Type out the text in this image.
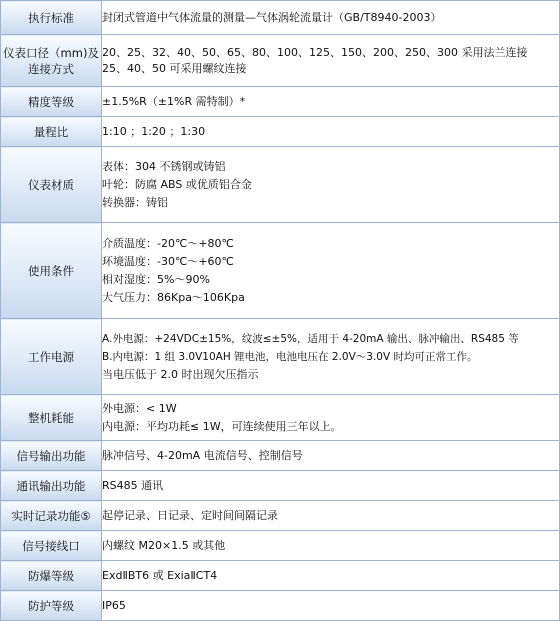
执行标准	封闭式管道中气体流量的测量—气体涡轮流量计（GB/T8940-2003）

仪表口径（mm)及
连接方式	20、25、32、40、50、65、80、100、125、150、200、250、300 采用法兰连接
25、40、50 可采用螺纹连接

精度等级	±1.5%R（±1%R 需特制）*

量程比	1:10 ；1:20 ；1:30

仪表材质	表体：304 不锈钢或铸铝
叶轮：防腐 ABS 或优质铝合金
转换器：铸铝

使用条件	介质温度：-20℃～+80℃
环境温度：-30℃～+60℃
相对湿度：5%～90%
大气压力：86Kpa～106Kpa

工作电源	A.外电源：+24VDC±15%，纹波≤±5%，适用于 4-20mA 输出、脉冲输出、RS485 等
B.内电源：1 组 3.0V10AH 锂电池，电池电压在 2.0V～3.0V 时均可正常工作。
当电压低于 2.0 时出现欠压指示

整机耗能	外电源：< 1W
内电源：平均功耗≤ 1W，可连续使用三年以上。

信号输出功能	脉冲信号、4-20mA 电流信号、控制信号

通讯输出功能	RS485 通讯

实时记录功能⑤	起停记录、日记录、定时间间隔记录

信号接线口	内螺纹 M20×1.5 或其他

防爆等级	ExdⅡBT6 或 ExiaⅡCT4

防护等级	IP65
